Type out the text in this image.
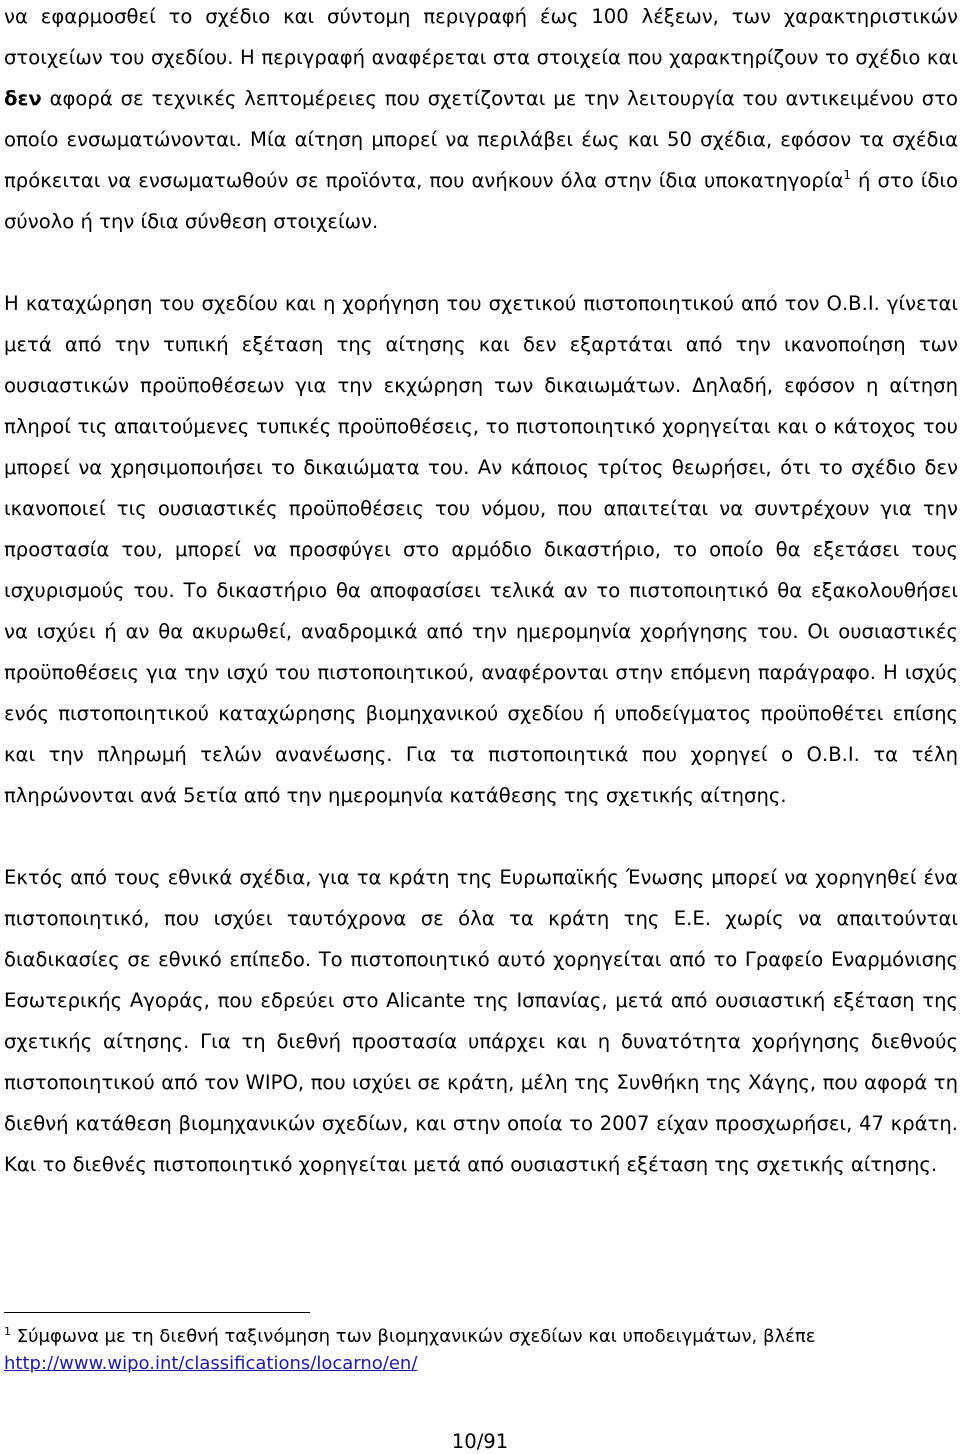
να εφαρμοσθεί το σχέδιο και σύντομη περιγραφή έως 100 λέξεων, των χαρακτηριστικών στοιχείων του σχεδίου. Η περιγραφή αναφέρεται στα στοιχεία που χαρακτηρίζουν το σχέδιο και δεν αφορά σε τεχνικές λεπτομέρειες που σχετίζονται με την λειτουργία του αντικειμένου στο οποίο ενσωματώνονται. Μία αίτηση μπορεί να περιλάβει έως και 50 σχέδια, εφόσον τα σχέδια πρόκειται να ενσωματωθούν σε προϊόντα, που ανήκουν όλα στην ίδια υποκατηγορία$^1$ ή στο ίδιο σύνολο ή την ίδια σύνθεση στοιχείων.

Η καταχώρηση του σχεδίου και η χορήγηση του σχετικού πιστοποιητικού από τον Ο.Β.Ι. γίνεται μετά από την τυπική εξέταση της αίτησης και δεν εξαρτάται από την ικανοποίηση των ουσιαστικών προϋποθέσεων για την εκχώρηση των δικαιωμάτων. Δηλαδή, εφόσον η αίτηση πληροί τις απαιτούμενες τυπικές προϋποθέσεις, το πιστοποιητικό χορηγείται και ο κάτοχος του μπορεί να χρησιμοποιήσει το δικαιώματα του. Αν κάποιος τρίτος θεωρήσει, ότι το σχέδιο δεν ικανοποιεί τις ουσιαστικές προϋποθέσεις του νόμου, που απαιτείται να συντρέχουν για την προστασία του, μπορεί να προσφύγει στο αρμόδιο δικαστήριο, το οποίο θα εξετάσει τους ισχυρισμούς του. Το δικαστήριο θα αποφασίσει τελικά αν το πιστοποιητικό θα εξακολουθήσει να ισχύει ή αν θα ακυρωθεί, αναδρομικά από την ημερομηνία χορήγησης του. Οι ουσιαστικές προϋποθέσεις για την ισχύ του πιστοποιητικού, αναφέρονται στην επόμενη παράγραφο. Η ισχύς ενός πιστοποιητικού καταχώρησης βιομηχανικού σχεδίου ή υποδείγματος προϋποθέτει επίσης και την πληρωμή τελών ανανέωσης. Για τα πιστοποιητικά που χορηγεί ο Ο.Β.Ι. τα τέλη πληρώνονται ανά 5ετία από την ημερομηνία κατάθεσης της σχετικής αίτησης.

Εκτός από τους εθνικά σχέδια, για τα κράτη της Ευρωπαϊκής Ένωσης μπορεί να χορηγηθεί ένα πιστοποιητικό, που ισχύει ταυτόχρονα σε όλα τα κράτη της Ε.Ε. χωρίς να απαιτούνται διαδικασίες σε εθνικό επίπεδο. Το πιστοποιητικό αυτό χορηγείται από το Γραφείο Εναρμόνισης Εσωτερικής Αγοράς, που εδρεύει στο Alicante της Ισπανίας, μετά από ουσιαστική εξέταση της σχετικής αίτησης. Για τη διεθνή προστασία υπάρχει και η δυνατότητα χορήγησης διεθνούς πιστοποιητικού από τον WIPO, που ισχύει σε κράτη, μέλη της Συνθήκη της Χάγης, που αφορά τη διεθνή κατάθεση βιομηχανικών σχεδίων, και στην οποία το 2007 είχαν προσχωρήσει, 47 κράτη. Και το διεθνές πιστοποιητικό χορηγείται μετά από ουσιαστική εξέταση της σχετικής αίτησης.

$^1$ Σύμφωνα με τη διεθνή ταξινόμηση των βιομηχανικών σχεδίων και υποδειγμάτων, βλέπε
http://www.wipo.int/classifications/locarno/en/

10/91
